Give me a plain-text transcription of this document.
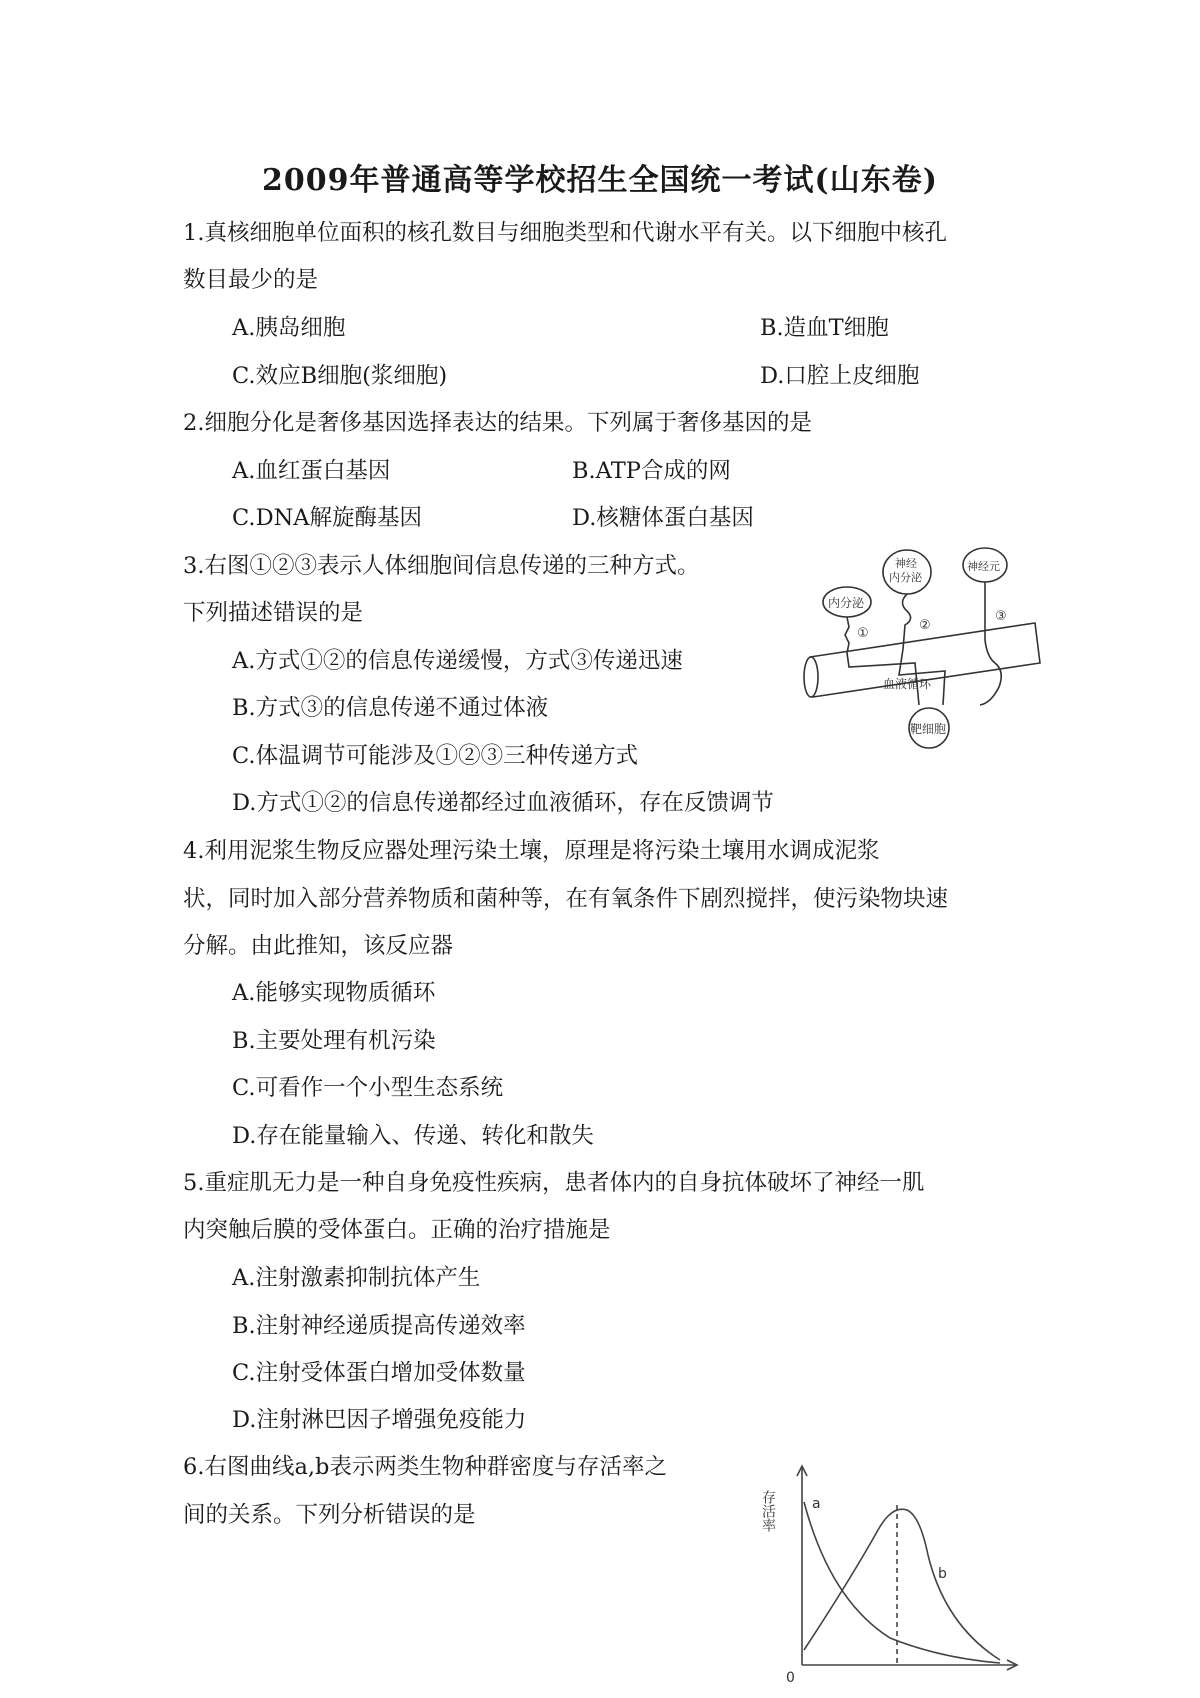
2009年普通高等学校招生全国统一考试(山东卷)
1.真核细胞单位面积的核孔数目与细胞类型和代谢水平有关。以下细胞中核孔
数目最少的是
A.胰岛细胞	B.造血T细胞
C.效应B细胞(浆细胞)	D.口腔上皮细胞
2.细胞分化是奢侈基因选择表达的结果。下列属于奢侈基因的是
A.血红蛋白基因	B.ATP合成的网
C.DNA解旋酶基因	D.核糖体蛋白基因
3.右图①②③表示人体细胞间信息传递的三种方式。
下列描述错误的是
A.方式①②的信息传递缓慢，方式③传递迅速
B.方式③的信息传递不通过体液
C.体温调节可能涉及①②③三种传递方式
D.方式①②的信息传递都经过血液循环，存在反馈调节
4.利用泥浆生物反应器处理污染土壤，原理是将污染土壤用水调成泥浆
状，同时加入部分营养物质和菌种等，在有氧条件下剧烈搅拌，使污染物块速
分解。由此推知，该反应器
A.能够实现物质循环
B.主要处理有机污染
C.可看作一个小型生态系统
D.存在能量输入、传递、转化和散失
5.重症肌无力是一种自身免疫性疾病，患者体内的自身抗体破坏了神经一肌
内突触后膜的受体蛋白。正确的治疗措施是
A.注射激素抑制抗体产生
B.注射神经递质提高传递效率
C.注射受体蛋白增加受体数量
D.注射淋巴因子增强免疫能力
6.右图曲线a,b表示两类生物种群密度与存活率之
间的关系。下列分析错误的是
血液循环
内分泌
①
神经
内分泌
②
神经元
③
靶细胞
存活率
0
a
b
